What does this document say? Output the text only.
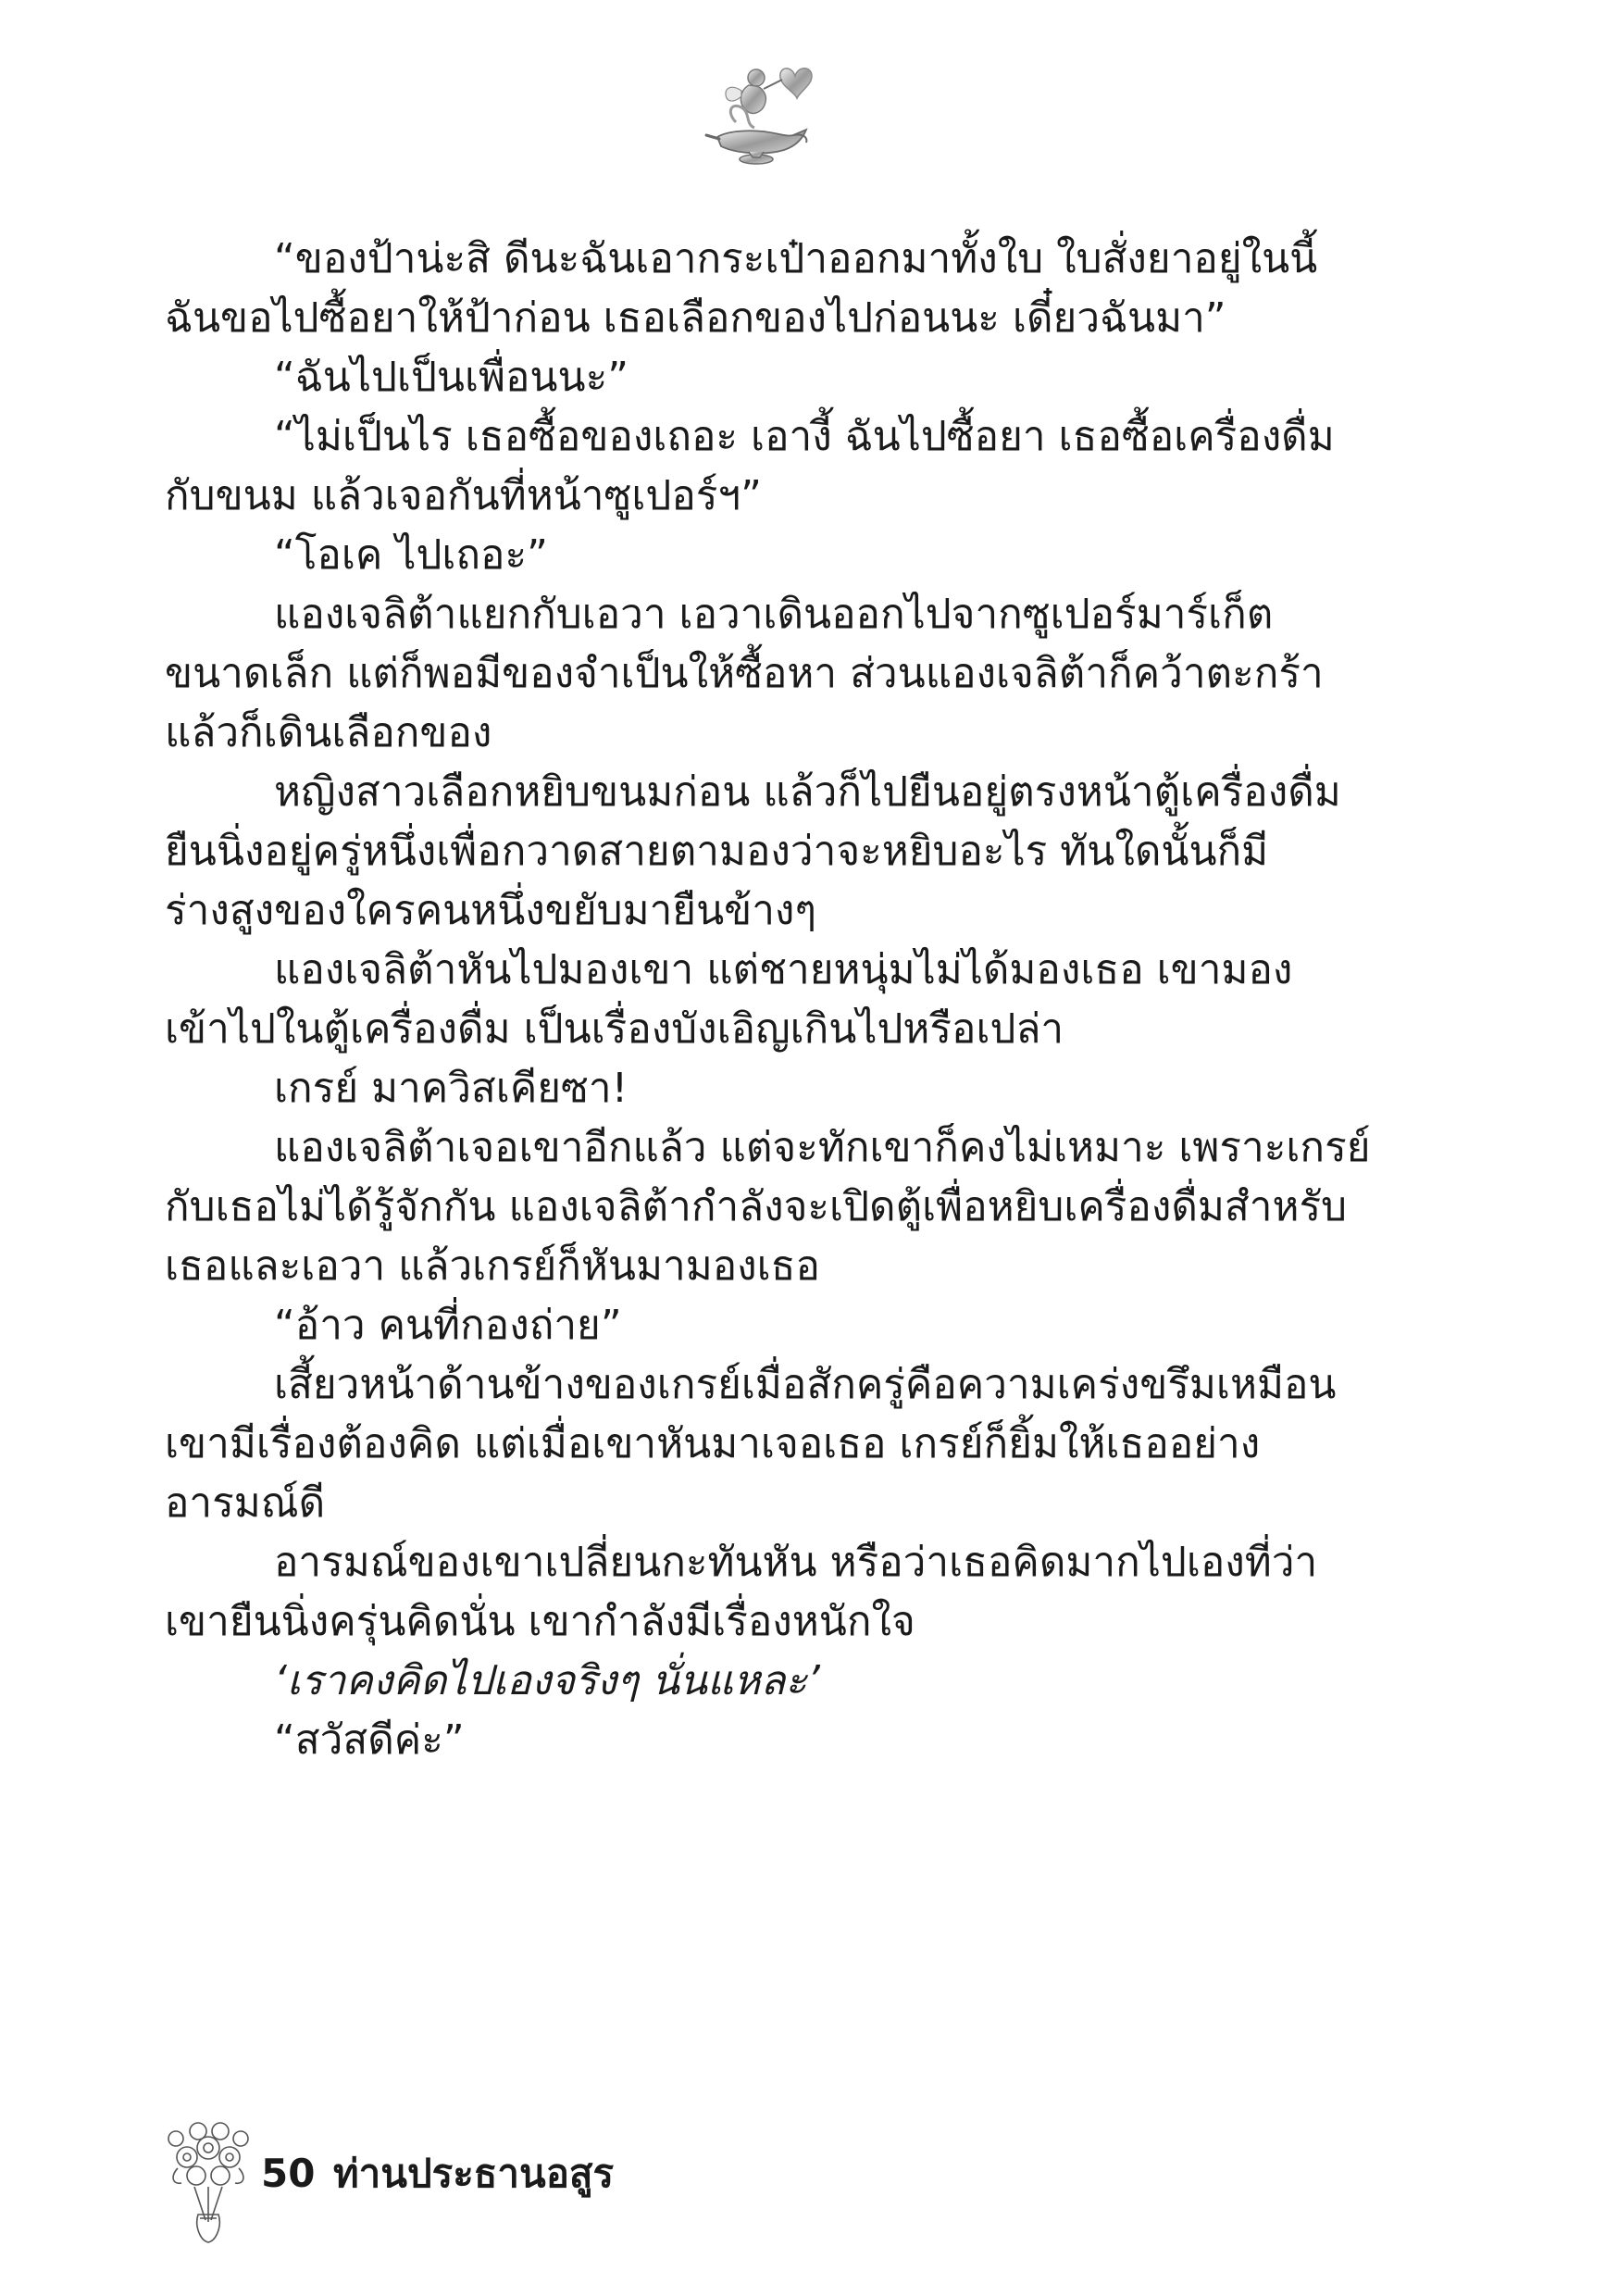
“ของป้าน่ะสิ ดีนะฉันเอากระเป๋าออกมาทั้งใบ ใบสั่งยาอยู่ในนี้
ฉันขอไปซื้อยาให้ป้าก่อน เธอเลือกของไปก่อนนะ เดี๋ยวฉันมา”
“ฉันไปเป็นเพื่อนนะ”
“ไม่เป็นไร เธอซื้อของเถอะ เอางี้ ฉันไปซื้อยา เธอซื้อเครื่องดื่ม
กับขนม แล้วเจอกันที่หน้าซูเปอร์ฯ”
“โอเค ไปเถอะ”
แองเจลิต้าแยกกับเอวา เอวาเดินออกไปจากซูเปอร์มาร์เก็ต
ขนาดเล็ก แต่ก็พอมีของจำเป็นให้ซื้อหา ส่วนแองเจลิต้าก็คว้าตะกร้า
แล้วก็เดินเลือกของ
หญิงสาวเลือกหยิบขนมก่อน แล้วก็ไปยืนอยู่ตรงหน้าตู้เครื่องดื่ม
ยืนนิ่งอยู่ครู่หนึ่งเพื่อกวาดสายตามองว่าจะหยิบอะไร ทันใดนั้นก็มี
ร่างสูงของใครคนหนึ่งขยับมายืนข้างๆ
แองเจลิต้าหันไปมองเขา แต่ชายหนุ่มไม่ได้มองเธอ เขามอง
เข้าไปในตู้เครื่องดื่ม เป็นเรื่องบังเอิญเกินไปหรือเปล่า
เกรย์ มาควิสเคียซา!
แองเจลิต้าเจอเขาอีกแล้ว แต่จะทักเขาก็คงไม่เหมาะ เพราะเกรย์
กับเธอไม่ได้รู้จักกัน แองเจลิต้ากำลังจะเปิดตู้เพื่อหยิบเครื่องดื่มสำหรับ
เธอและเอวา แล้วเกรย์ก็หันมามองเธอ
“อ้าว คนที่กองถ่าย”
เสี้ยวหน้าด้านข้างของเกรย์เมื่อสักครู่คือความเคร่งขรึมเหมือน
เขามีเรื่องต้องคิด แต่เมื่อเขาหันมาเจอเธอ เกรย์ก็ยิ้มให้เธออย่าง
อารมณ์ดี
อารมณ์ของเขาเปลี่ยนกะทันหัน หรือว่าเธอคิดมากไปเองที่ว่า
เขายืนนิ่งครุ่นคิดนั่น เขากำลังมีเรื่องหนักใจ
‘เราคงคิดไปเองจริงๆ นั่นแหละ’
“สวัสดีค่ะ”
50 ท่านประธานอสูร
